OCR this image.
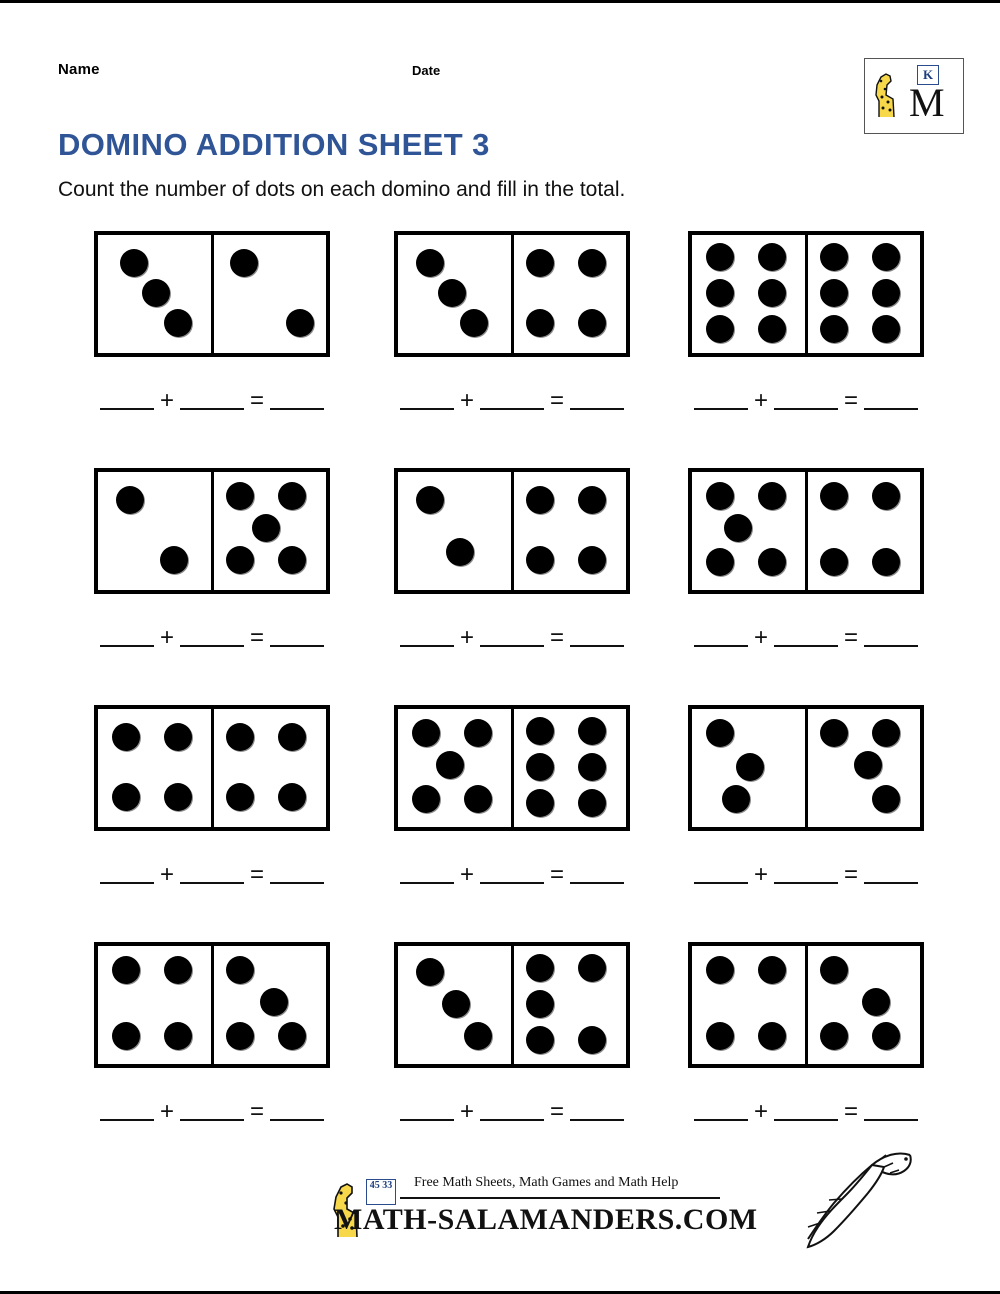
Name	Date	K
M
DOMINO ADDITION SHEET 3

Count the number of dots on each domino and fill in the total.

+	=	+	=	+	=
+	=	+	=	+	=
+	=	+	=	+	=
+	=	+	=	+	=
45 33 Free Math Sheets, Math Games and Math Help
MATH-SALAMANDERS.COM
